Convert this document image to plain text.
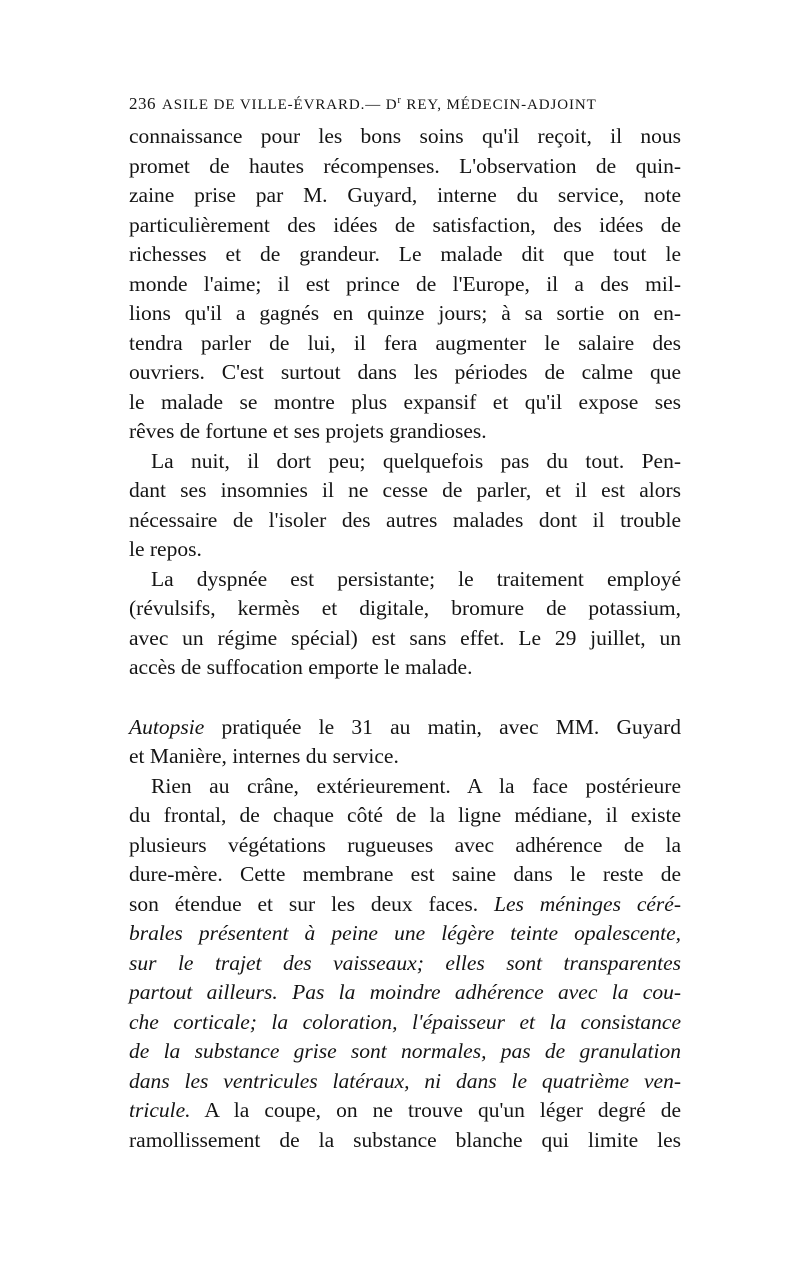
236 ASILE DE VILLE-ÉVRARD.— $D^r$ REY, MÉDECIN-ADJOINT
connaissance pour les bons soins qu'il reçoit, il nous
promet de hautes récompenses. L'observation de quin-
zaine prise par M. Guyard, interne du service, note
particulièrement des idées de satisfaction, des idées de
richesses et de grandeur. Le malade dit que tout le
monde l'aime; il est prince de l'Europe, il a des mil-
lions qu'il a gagnés en quinze jours; à sa sortie on en-
tendra parler de lui, il fera augmenter le salaire des
ouvriers. C'est surtout dans les périodes de calme que
le malade se montre plus expansif et qu'il expose ses
rêves de fortune et ses projets grandioses.
La nuit, il dort peu; quelquefois pas du tout. Pen-
dant ses insomnies il ne cesse de parler, et il est alors
nécessaire de l'isoler des autres malades dont il trouble
le repos.
La dyspnée est persistante; le traitement employé
(révulsifs, kermès et digitale, bromure de potassium,
avec un régime spécial) est sans effet. Le 29 juillet, un
accès de suffocation emporte le malade.
Autopsie pratiquée le 31 au matin, avec MM. Guyard
et Manière, internes du service.
Rien au crâne, extérieurement. A la face postérieure
du frontal, de chaque côté de la ligne médiane, il existe
plusieurs végétations rugueuses avec adhérence de la
dure-mère. Cette membrane est saine dans le reste de
son étendue et sur les deux faces. Les méninges céré-
brales présentent à peine une légère teinte opalescente,
sur le trajet des vaisseaux; elles sont transparentes
partout ailleurs. Pas la moindre adhérence avec la cou-
che corticale; la coloration, l'épaisseur et la consistance
de la substance grise sont normales, pas de granulation
dans les ventricules latéraux, ni dans le quatrième ven-
tricule. A la coupe, on ne trouve qu'un léger degré de
ramollissement de la substance blanche qui limite les
